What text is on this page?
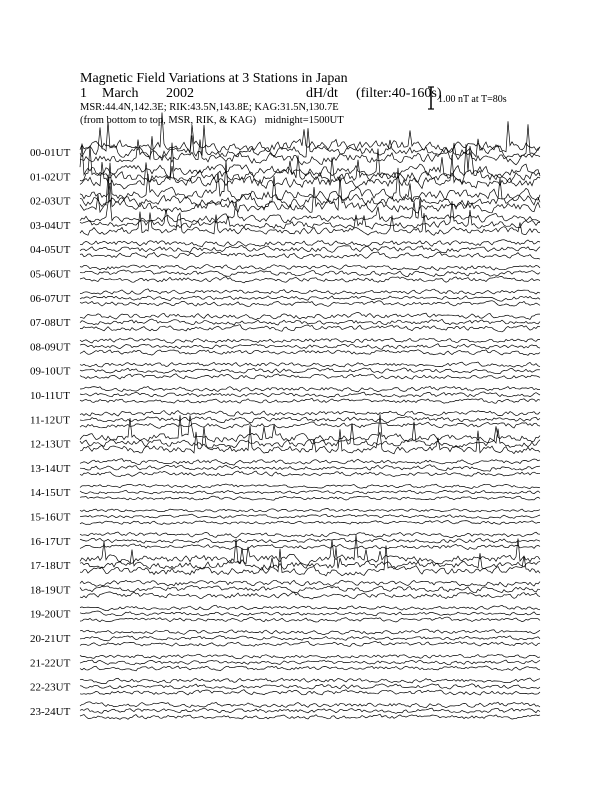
Magnetic Field Variations at 3 Stations in Japan
1 March 2002	dH/dt (filter:40-160s)
MSR:44.4N,142.3E; RIK:43.5N,143.8E; KAG:31.5N,130.7E
(from bottom to top, MSR, RIK, & KAG) midnight=1500UT
1.00 nT at T=80s
00-01UT
01-02UT
02-03UT
03-04UT
04-05UT
05-06UT
06-07UT
07-08UT
08-09UT
09-10UT
10-11UT
11-12UT
12-13UT
13-14UT
14-15UT
15-16UT
16-17UT
17-18UT
18-19UT
19-20UT
20-21UT
21-22UT
22-23UT
23-24UT
